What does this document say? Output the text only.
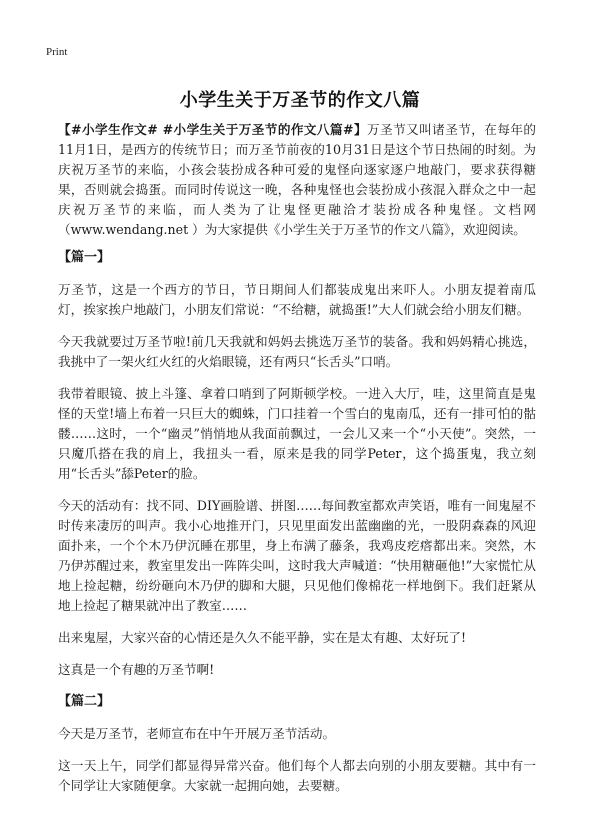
Print
小学生关于万圣节的作文八篇

【#小学生作文# #小学生关于万圣节的作文八篇#】万圣节又叫诸圣节，在每年的11月1日，是西方的传统节日；而万圣节前夜的10月31日是这个节日热闹的时刻。为庆祝万圣节的来临，小孩会装扮成各种可爱的鬼怪向逐家逐户地敲门，要求获得糖果，否则就会捣蛋。而同时传说这一晚，各种鬼怪也会装扮成小孩混入群众之中一起庆祝万圣节的来临，而人类为了让鬼怪更融洽才装扮成各种鬼怪。文档网（www.wendang.net ）为大家提供《小学生关于万圣节的作文八篇》，欢迎阅读。

【篇一】

万圣节，这是一个西方的节日，节日期间人们都装成鬼出来吓人。小朋友提着南瓜灯，挨家挨户地敲门，小朋友们常说：“不给糖，就捣蛋!”大人们就会给小朋友们糖。

今天我就要过万圣节啦!前几天我就和妈妈去挑选万圣节的装备。我和妈妈精心挑选，我挑中了一架火红火红的火焰眼镜，还有两只“长舌头”口哨。

我带着眼镜、披上斗篷、拿着口哨到了阿斯顿学校。一进入大厅，哇，这里简直是鬼怪的天堂!墙上布着一只巨大的蜘蛛，门口挂着一个雪白的鬼南瓜，还有一排可怕的骷髅……这时，一个“幽灵”悄悄地从我面前飘过，一会儿又来一个“小天使”。突然，一只魔爪搭在我的肩上，我扭头一看，原来是我的同学Peter，这个捣蛋鬼，我立刻用“长舌头”舔Peter的脸。

今天的活动有：找不同、DIY画脸谱、拼图……每间教室都欢声笑语，唯有一间鬼屋不时传来凄厉的叫声。我小心地推开门，只见里面发出蓝幽幽的光，一股阴森森的风迎面扑来，一个个木乃伊沉睡在那里，身上布满了藤条，我鸡皮疙瘩都出来。突然，木乃伊苏醒过来，教室里发出一阵阵尖叫，这时我大声喊道：“快用糖砸他!”大家慌忙从地上捡起糖，纷纷砸向木乃伊的脚和大腿，只见他们像棉花一样地倒下。我们赶紧从地上捡起了糖果就冲出了教室……

出来鬼屋，大家兴奋的心情还是久久不能平静，实在是太有趣、太好玩了!

这真是一个有趣的万圣节啊!

【篇二】

今天是万圣节，老师宣布在中午开展万圣节活动。

这一天上午，同学们都显得异常兴奋。他们每个人都去向别的小朋友要糖。其中有一个同学让大家随便拿。大家就一起拥向她，去要糖。
